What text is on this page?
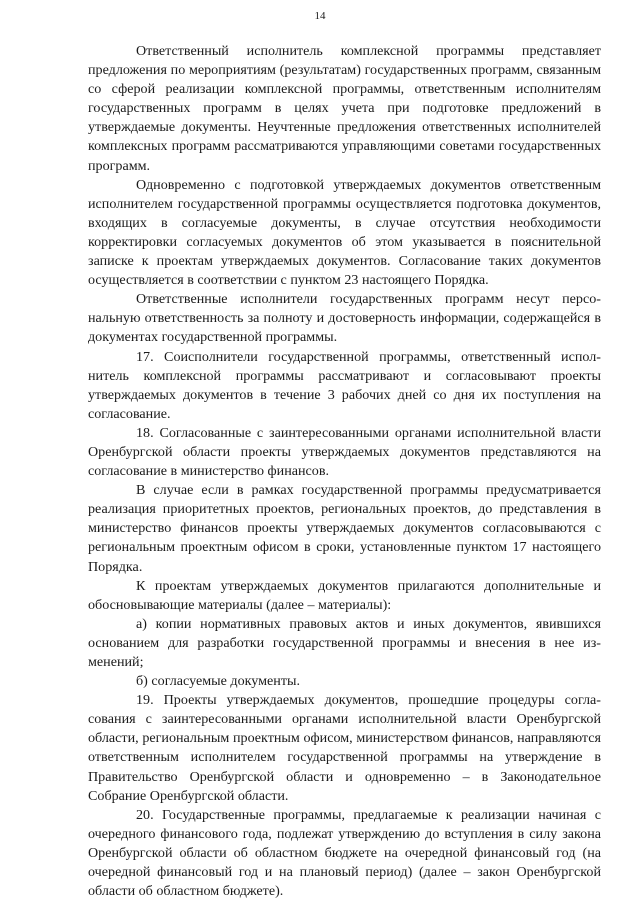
14

Ответственный исполнитель комплексной программы представляет предложения по мероприятиям (результатам) государственных программ, связанным со сферой реализации комплексной программы, ответственным исполнителям государственных программ в целях учета при подготовке предложений в утверждаемые документы. Неучтенные предложения ответственных исполнителей комплексных программ рассматриваются управляющими советами государственных программ.

Одновременно с подготовкой утверждаемых документов ответственным исполнителем государственной программы осуществляется подготовка документов, входящих в согласуемые документы, в случае отсутствия необходимости корректировки согласуемых документов об этом указывается в пояснительной записке к проектам утверждаемых документов. Согласование таких документов осуществляется в соответствии с пунктом 23 настоящего Порядка.

Ответственные исполнители государственных программ несут персональную ответственность за полноту и достоверность информации, содержащейся в документах государственной программы.

17. Соисполнители государственной программы, ответственный исполнитель комплексной программы рассматривают и согласовывают проекты утверждаемых документов в течение 3 рабочих дней со дня их поступления на согласование.

18. Согласованные с заинтересованными органами исполнительной власти Оренбургской области проекты утверждаемых документов представляются на согласование в министерство финансов.

В случае если в рамках государственной программы предусматривается реализация приоритетных проектов, региональных проектов, до представления в министерство финансов проекты утверждаемых документов согласовываются с региональным проектным офисом в сроки, установленные пунктом 17 настоящего Порядка.

К проектам утверждаемых документов прилагаются дополнительные и обосновывающие материалы (далее – материалы):

а) копии нормативных правовых актов и иных документов, явившихся основанием для разработки государственной программы и внесения в нее изменений;

б) согласуемые документы.

19. Проекты утверждаемых документов, прошедшие процедуры согласования с заинтересованными органами исполнительной власти Оренбургской области, региональным проектным офисом, министерством финансов, направляются ответственным исполнителем государственной программы на утверждение в Правительство Оренбургской области и одновременно – в Законодательное Собрание Оренбургской области.

20. Государственные программы, предлагаемые к реализации начиная с очередного финансового года, подлежат утверждению до вступления в силу закона Оренбургской области об областном бюджете на очередной финансовый год (на очередной финансовый год и на плановый период) (далее – закон Оренбургской области об областном бюджете).
